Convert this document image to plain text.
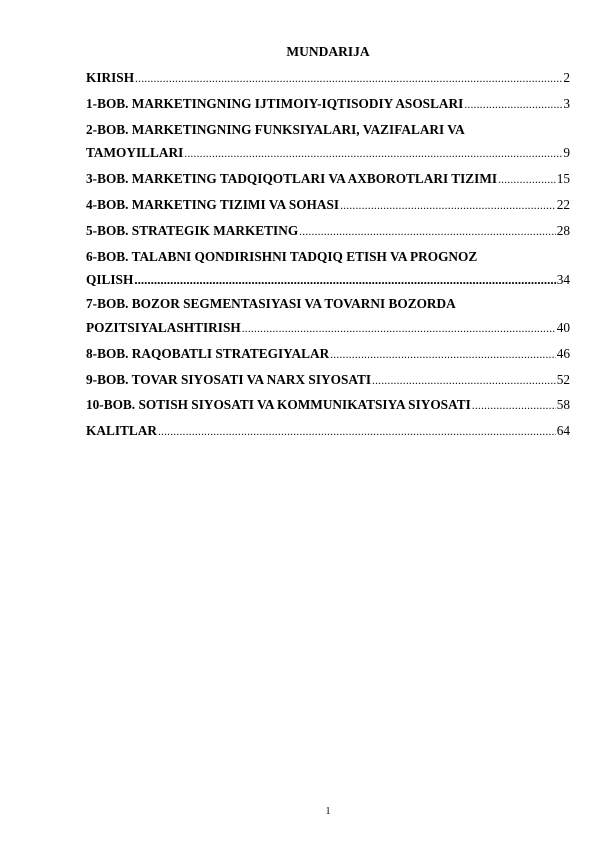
MUNDARIJA
KIRISH .....	2
1-BOB. MARKETINGNING IJTIMOIY-IQTISODIY ASOSLARI .....	3
2-BOB. MARKETINGNING FUNKSIYALARI, VAZIFALARI VA
TAMOYILLARI .....	9
3-BOB. MARKETING TADQIQOTLARI VA AXBOROTLARI TIZIMI .....	15
4-BOB. MARKETING TIZIMI VA SOHASI .....	22
5-BOB. STRATEGIK MARKETING .....	28
6-BOB. TALABNI QONDIRISHNI TADQIQ ETISH VA PROGNOZ
QILISH .....	34
7-BOB. BOZOR SEGMENTASIYASI VA TOVARNI BOZORDA
POZITSIYALASHTIRISH .....	40
8-BOB. RAQOBATLI STRATEGIYALAR .....	46
9-BOB. TOVAR SIYOSATI VA NARX SIYOSATI .....	52
10-BOB. SOTISH SIYOSATI VA KOMMUNIKATSIYA SIYOSATI .....	58
KALITLAR .....	64
1
